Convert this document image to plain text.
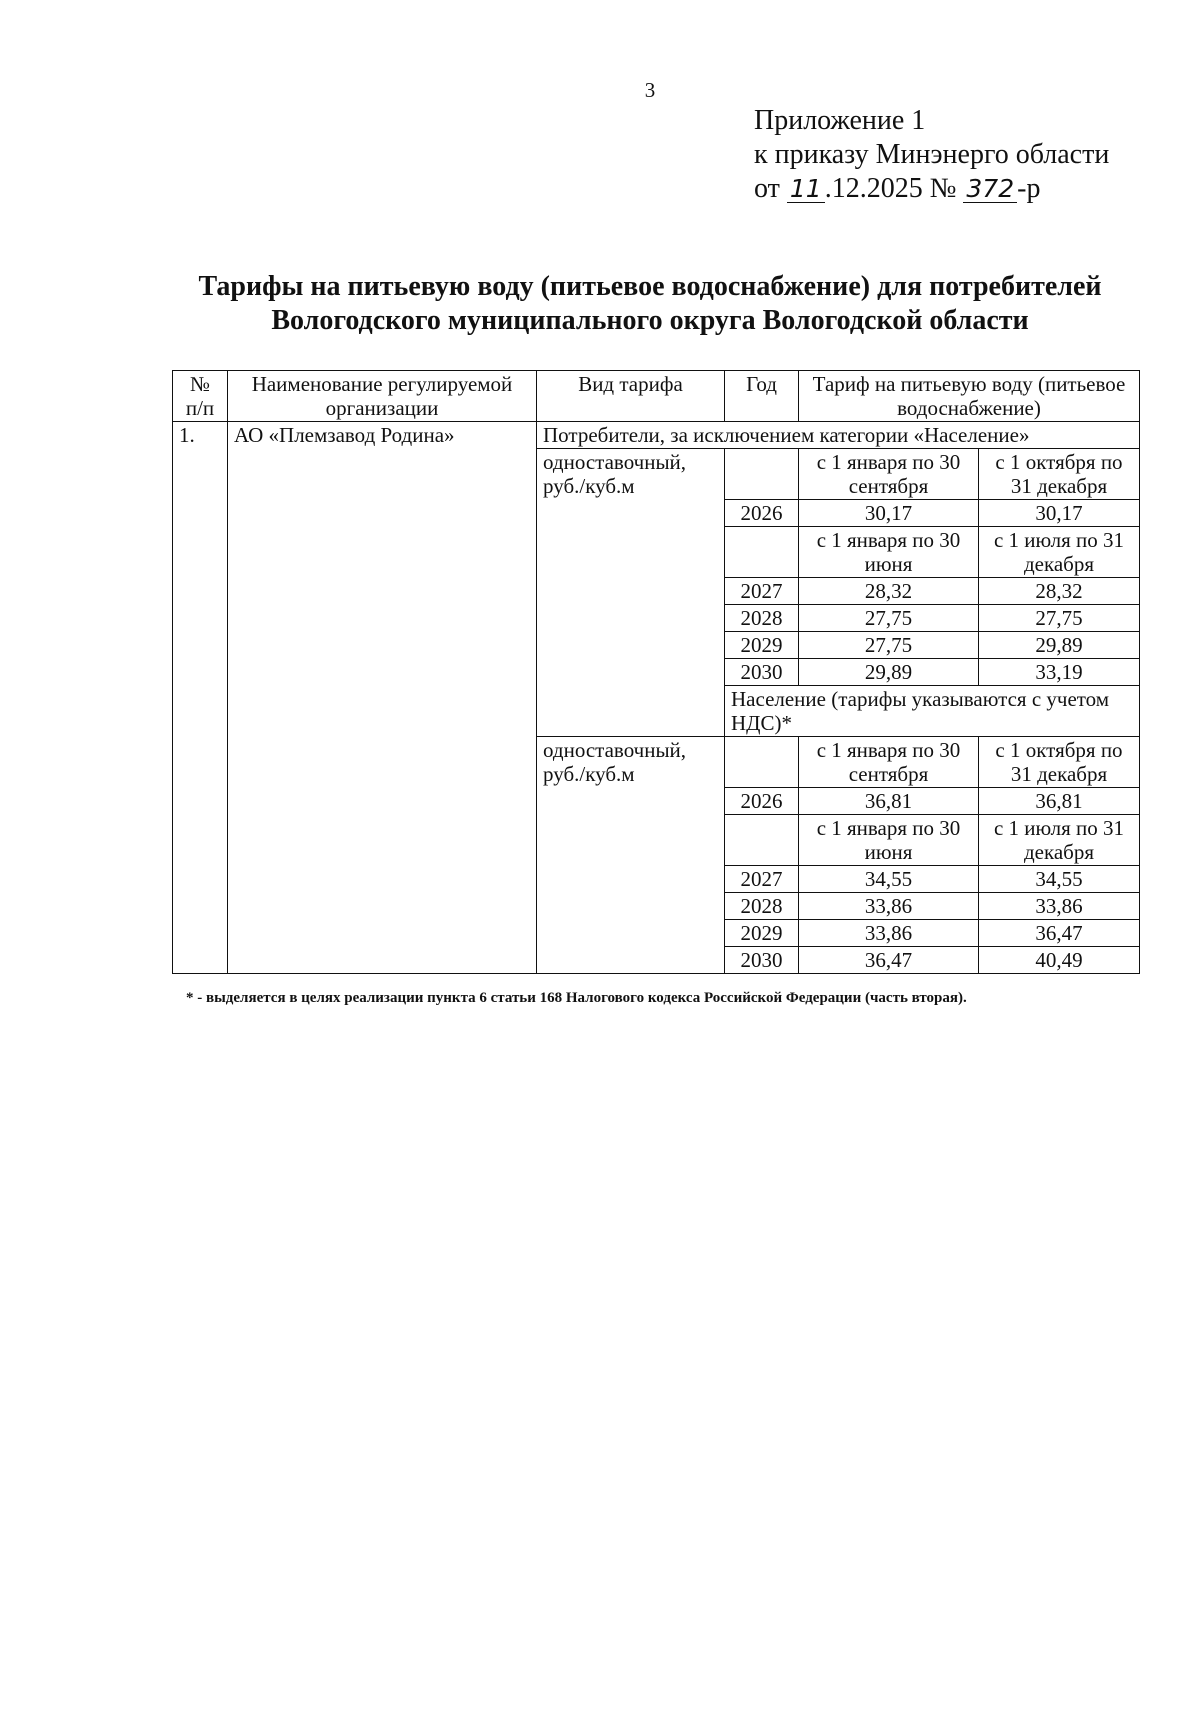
3
Приложение 1
к приказу Минэнерго области
от 11 .12.2025 № 372 -р
Тарифы на питьевую воду (питьевое водоснабжение) для потребителей
Вологодского муниципального округа Вологодской области
№ п/п	Наименование регулируемой организации	Вид тарифа	Год	Тариф на питьевую воду (питьевое водоснабжение)	
1.	АО «Племзавод Родина»	Потребители, за исключением категории «Население»			
		одноставочный, руб./куб.м		с 1 января по 30 сентября	с 1 октября по 31 декабря
			2026	30,17	30,17
				с 1 января по 30 июня	с 1 июля по 31 декабря
			2027	28,32	28,32
			2028	27,75	27,75
			2029	27,75	29,89
			2030	29,89	33,19
			Население (тарифы указываются с учетом НДС)*		
		одноставочный, руб./куб.м		с 1 января по 30 сентября	с 1 октября по 31 декабря
			2026	36,81	36,81
				с 1 января по 30 июня	с 1 июля по 31 декабря
			2027	34,55	34,55
			2028	33,86	33,86
			2029	33,86	36,47
			2030	36,47	40,49
* - выделяется в целях реализации пункта 6 статьи 168 Налогового кодекса Российской Федерации (часть вторая).
